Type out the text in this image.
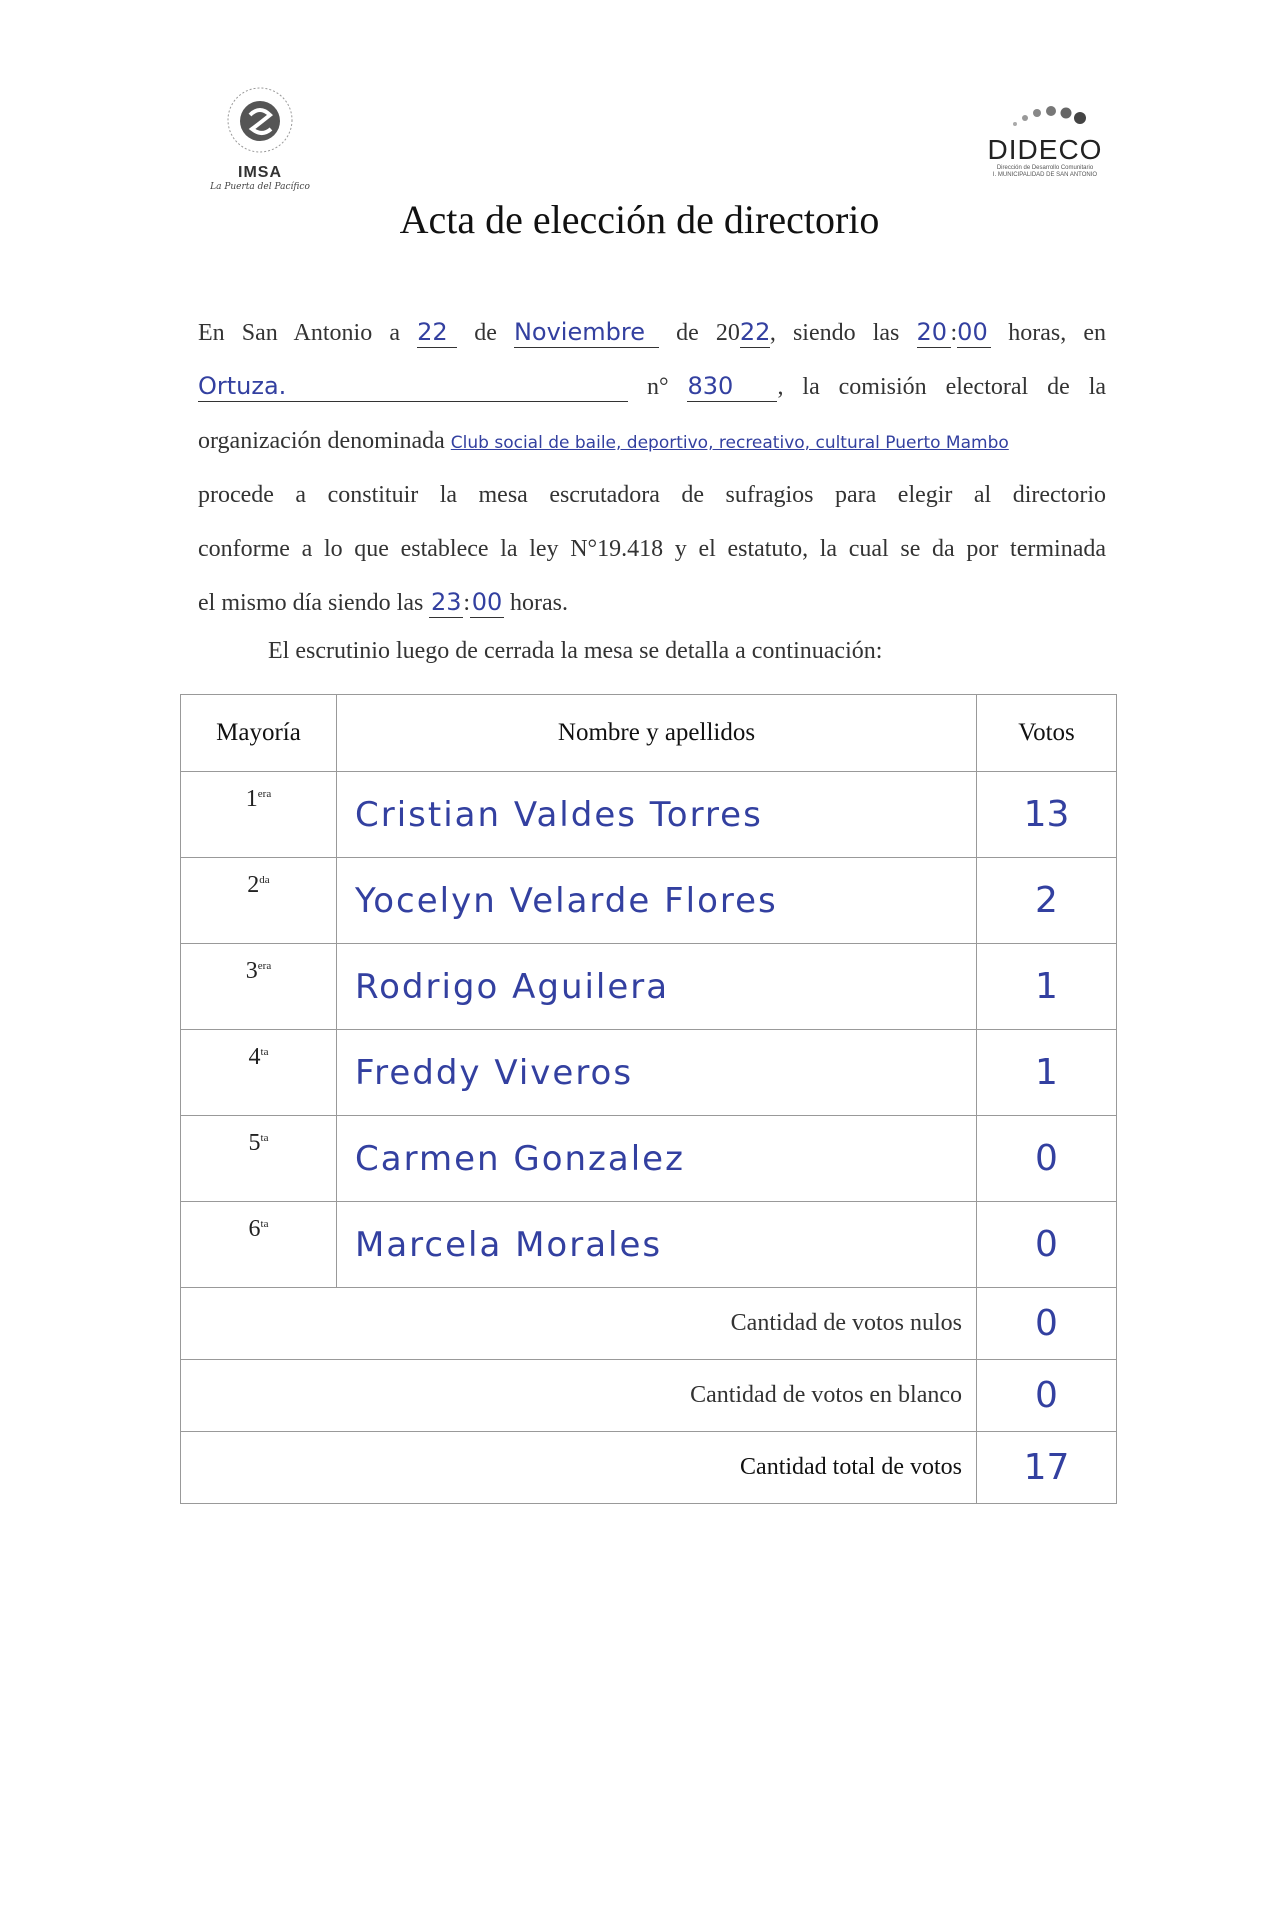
IMSA
La Puerta del Pacífico
DIDECO
Dirección de Desarrollo Comunitario
I. MUNICIPALIDAD DE SAN ANTONIO
Acta de elección de directorio
En San Antonio a 22 de Noviembre de 2022, siendo las 20 :00 horas, en
Ortuza.	n° 830 , la comisión electoral de la
organización denominada Club social de baile, deportivo, recreativo, cultural Puerto Mambo
procede a constituir la mesa escrutadora de sufragios para elegir al directorio
conforme a lo que establece la ley N°19.418 y el estatuto, la cual se da por terminada
el mismo día siendo las 23:00 horas.
El escrutinio luego de cerrada la mesa se detalla a continuación:
Mayoría	Nombre y apellidos	Votos
$1^{era}$	Cristian Valdes Torres	13
$2^{da}$	Yocelyn Velarde Flores	2
$3^{era}$	Rodrigo Aguilera	1
$4^{ta}$	Freddy Viveros	1
$5^{ta}$	Carmen Gonzalez	0
$6^{ta}$	Marcela Morales	0
Cantidad de votos nulos		0
Cantidad de votos en blanco		0
Cantidad total de votos		17
